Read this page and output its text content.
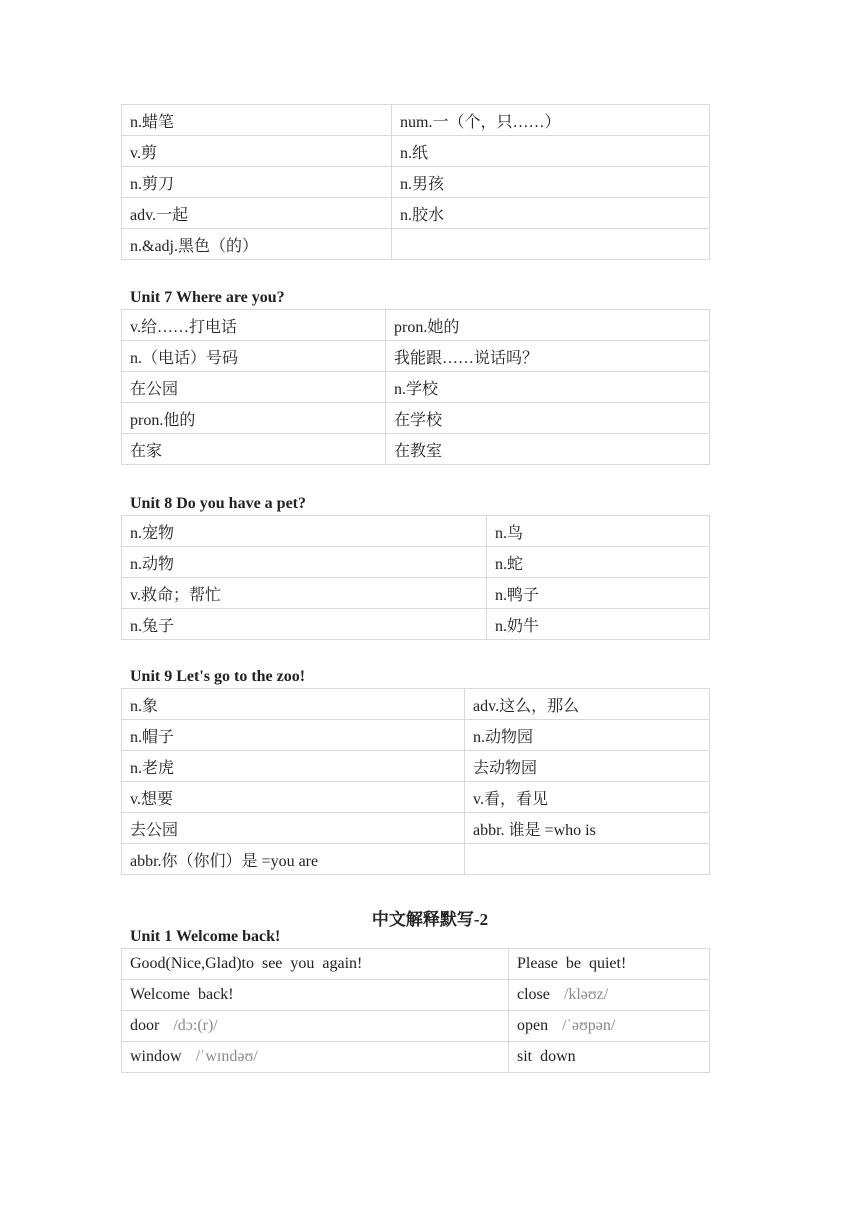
n.蜡笔	num.一（个，只……）
v.剪	n.纸
n.剪刀	n.男孩
adv.一起	n.胶水
n.&adj.黑色（的）	
Unit 7 Where are you?
v.给……打电话	pron.她的
n.（电话）号码	我能跟……说话吗？
在公园	n.学校
pron.他的	在学校
在家	在教室
Unit 8 Do you have a pet?
n.宠物	n.鸟
n.动物	n.蛇
v.救命；帮忙	n.鸭子
n.兔子	n.奶牛
Unit 9 Let's go to the zoo!
n.象	adv.这么，那么
n.帽子	n.动物园
n.老虎	去动物园
v.想要	v.看，看见
去公园	abbr. 谁是 =who is
abbr.你（你们）是 =you are	
中文解释默写-2
Unit 1 Welcome back!
Good(Nice,Glad)to  see  you  again!	Please  be  quiet!
Welcome  back!	close /kləʊz/
door /dɔ:(r)/	open /ˈəʊpən/
window /ˈwɪndəʊ/	sit  down
